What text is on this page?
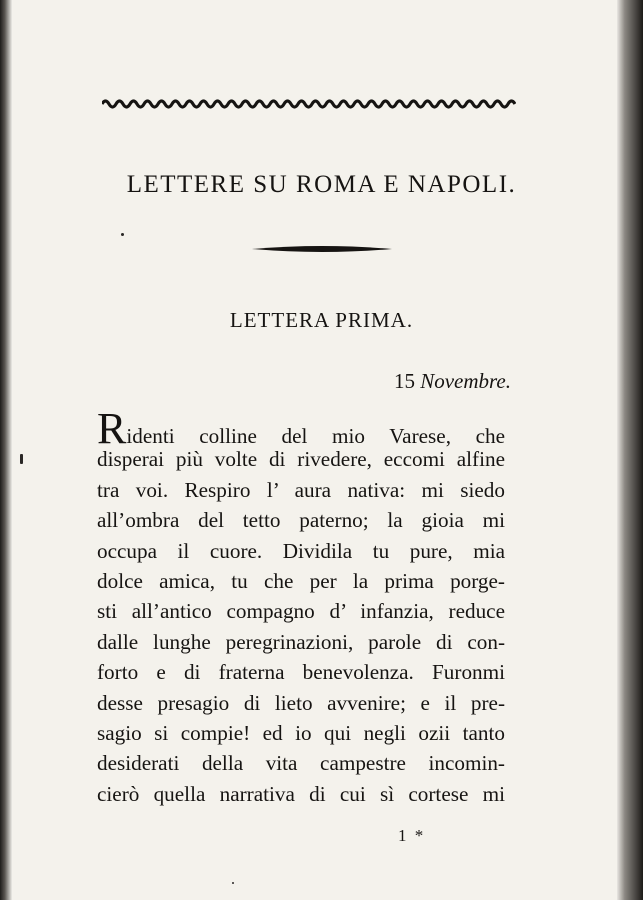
LETTERE SU ROMA E NAPOLI.
LETTERA PRIMA.
15 Novembre.
Ridenti colline del mio Varese, che
disperai più volte di rivedere, eccomi alfine
tra voi. Respiro l’ aura nativa: mi siedo
all’ombra del tetto paterno; la gioia mi
occupa il cuore. Dividila tu pure, mia
dolce amica, tu che per la prima porge-
sti all’antico compagno d’ infanzia, reduce
dalle lunghe peregrinazioni, parole di con-
forto e di fraterna benevolenza. Furonmi
desse presagio di lieto avvenire; e il pre-
sagio si compie! ed io qui negli ozii tanto
desiderati della vita campestre incomin-
cierò quella narrativa di cui sì cortese mi
1 *
